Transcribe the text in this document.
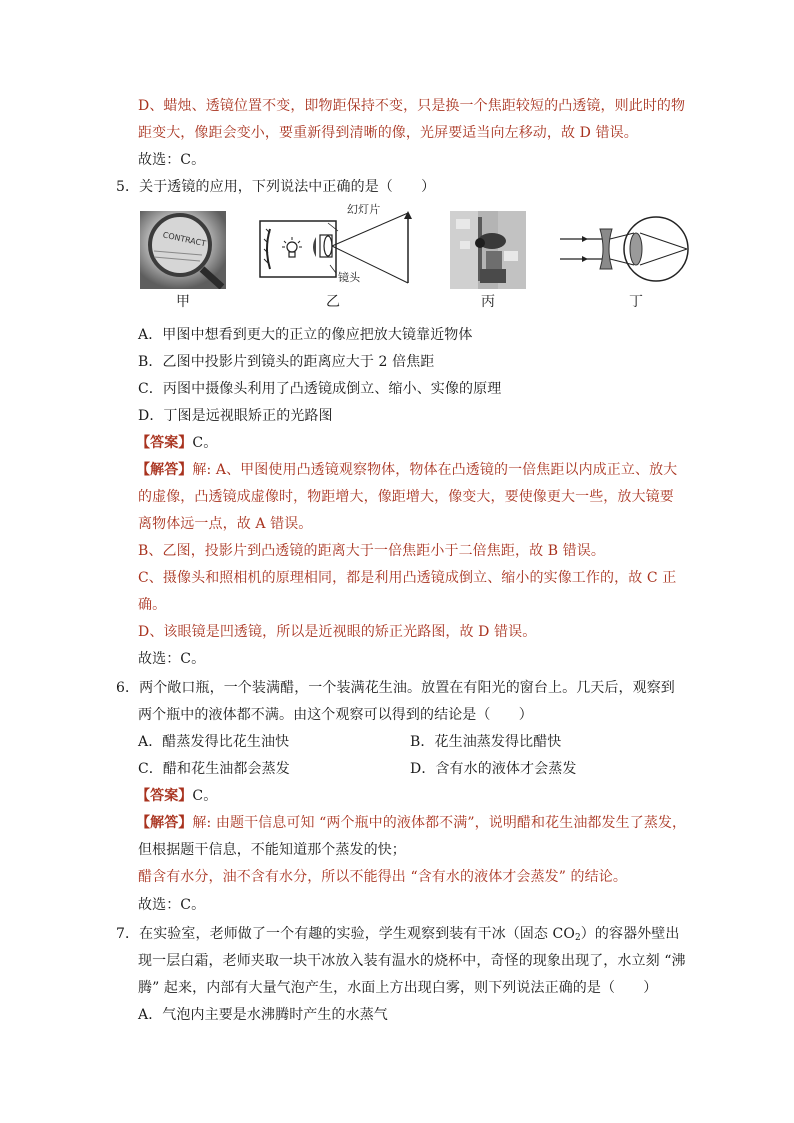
D、蜡烛、透镜位置不变，即物距保持不变，只是换一个焦距较短的凸透镜，则此时的物
距变大，像距会变小，要重新得到清晰的像，光屏要适当向左移动，故 D 错误。
故选：C。
5．关于透镜的应用，下列说法中正确的是（　　）
CONTRACT
甲
幻灯片
镜头
乙	丙	丁
A．甲图中想看到更大的正立的像应把放大镜靠近物体
B．乙图中投影片到镜头的距离应大于 2 倍焦距
C．丙图中摄像头利用了凸透镜成倒立、缩小、实像的原理
D．丁图是远视眼矫正的光路图
【答案】C。
【解答】解: A、甲图使用凸透镜观察物体，物体在凸透镜的一倍焦距以内成正立、放大
的虚像，凸透镜成虚像时，物距增大，像距增大，像变大，要使像更大一些，放大镜要
离物体远一点，故 A 错误。
B、乙图，投影片到凸透镜的距离大于一倍焦距小于二倍焦距，故 B 错误。
C、摄像头和照相机的原理相同，都是利用凸透镜成倒立、缩小的实像工作的，故 C 正
确。
D、该眼镜是凹透镜，所以是近视眼的矫正光路图，故 D 错误。
故选：C。
6．两个敞口瓶，一个装满醋，一个装满花生油。放置在有阳光的窗台上。几天后，观察到
两个瓶中的液体都不满。由这个观察可以得到的结论是（　　）
A．醋蒸发得比花生油快	B．花生油蒸发得比醋快
C．醋和花生油都会蒸发	D．含有水的液体才会蒸发
【答案】C。
【解答】解: 由题干信息可知 “两个瓶中的液体都不满”，说明醋和花生油都发生了蒸发，
但根据题干信息，不能知道那个蒸发的快；
醋含有水分，油不含有水分，所以不能得出 “含有水的液体才会蒸发” 的结论。
故选：C。
7．在实验室，老师做了一个有趣的实验，学生观察到装有干冰（固态 $CO_2$）的容器外壁出
现一层白霜，老师夹取一块干冰放入装有温水的烧杯中，奇怪的现象出现了，水立刻 “沸
腾” 起来，内部有大量气泡产生，水面上方出现白雾，则下列说法正确的是（　　）
A．气泡内主要是水沸腾时产生的水蒸气
